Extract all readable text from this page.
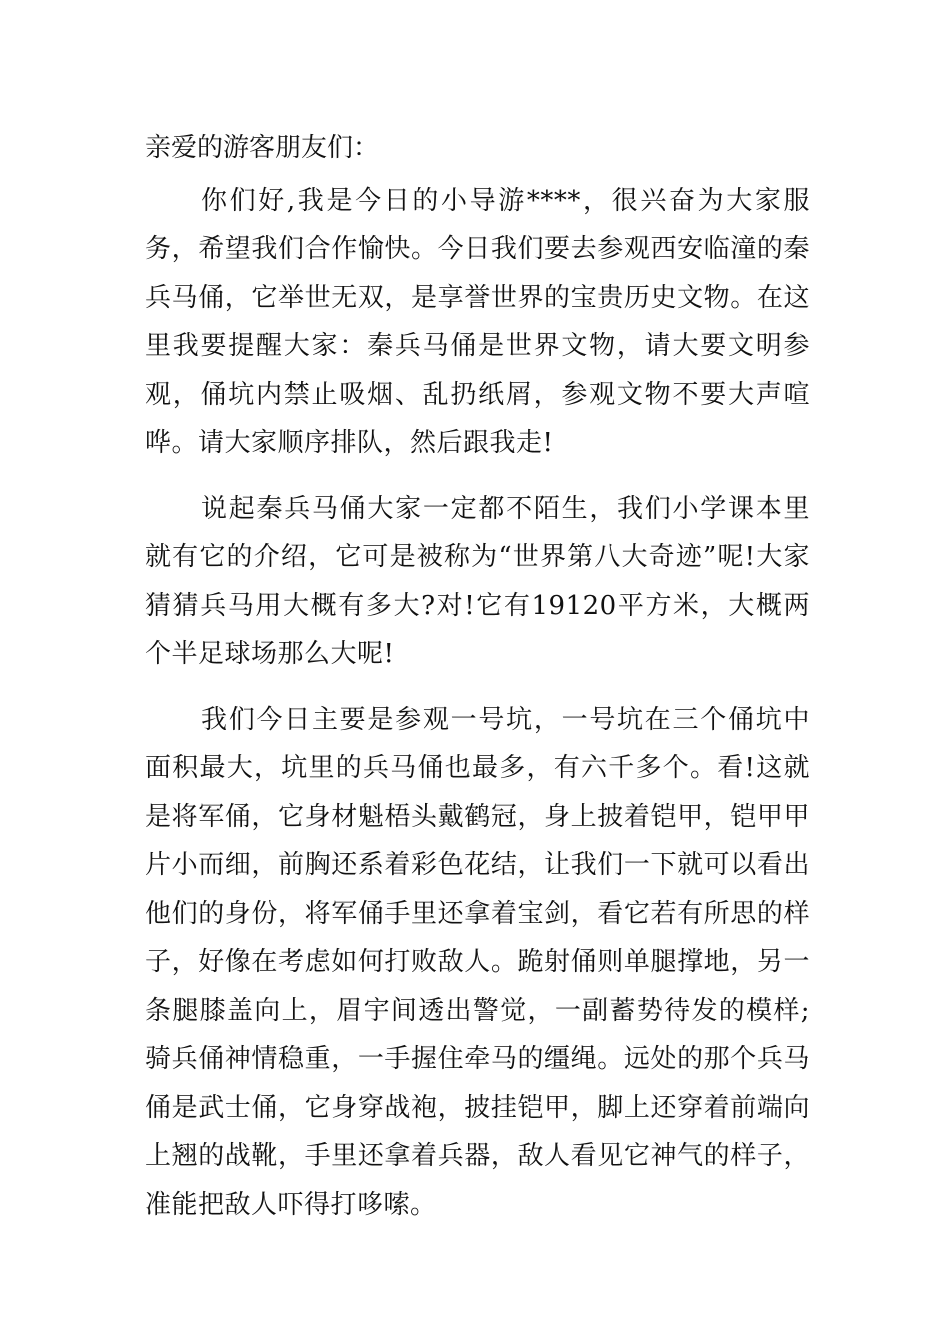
亲爱的游客朋友们：

你们好,我是今日的小导游****，很兴奋为大家服务，希望我们合作愉快。今日我们要去参观西安临潼的秦兵马俑，它举世无双，是享誉世界的宝贵历史文物。在这里我要提醒大家：秦兵马俑是世界文物，请大要文明参观，俑坑内禁止吸烟、乱扔纸屑，参观文物不要大声喧哗。请大家顺序排队，然后跟我走!

说起秦兵马俑大家一定都不陌生，我们小学课本里就有它的介绍，它可是被称为“世界第八大奇迹”呢!大家猜猜兵马用大概有多大?对!它有19120平方米，大概两个半足球场那么大呢!

我们今日主要是参观一号坑，一号坑在三个俑坑中面积最大，坑里的兵马俑也最多，有六千多个。看!这就是将军俑，它身材魁梧头戴鹤冠，身上披着铠甲，铠甲甲片小而细，前胸还系着彩色花结，让我们一下就可以看出他们的身份，将军俑手里还拿着宝剑，看它若有所思的样子，好像在考虑如何打败敌人。跪射俑则单腿撑地，另一条腿膝盖向上，眉宇间透出警觉，一副蓄势待发的模样;骑兵俑神情稳重，一手握住牵马的缰绳。远处的那个兵马俑是武士俑，它身穿战袍，披挂铠甲，脚上还穿着前端向上翘的战靴，手里还拿着兵器，敌人看见它神气的样子，准能把敌人吓得打哆嗦。
